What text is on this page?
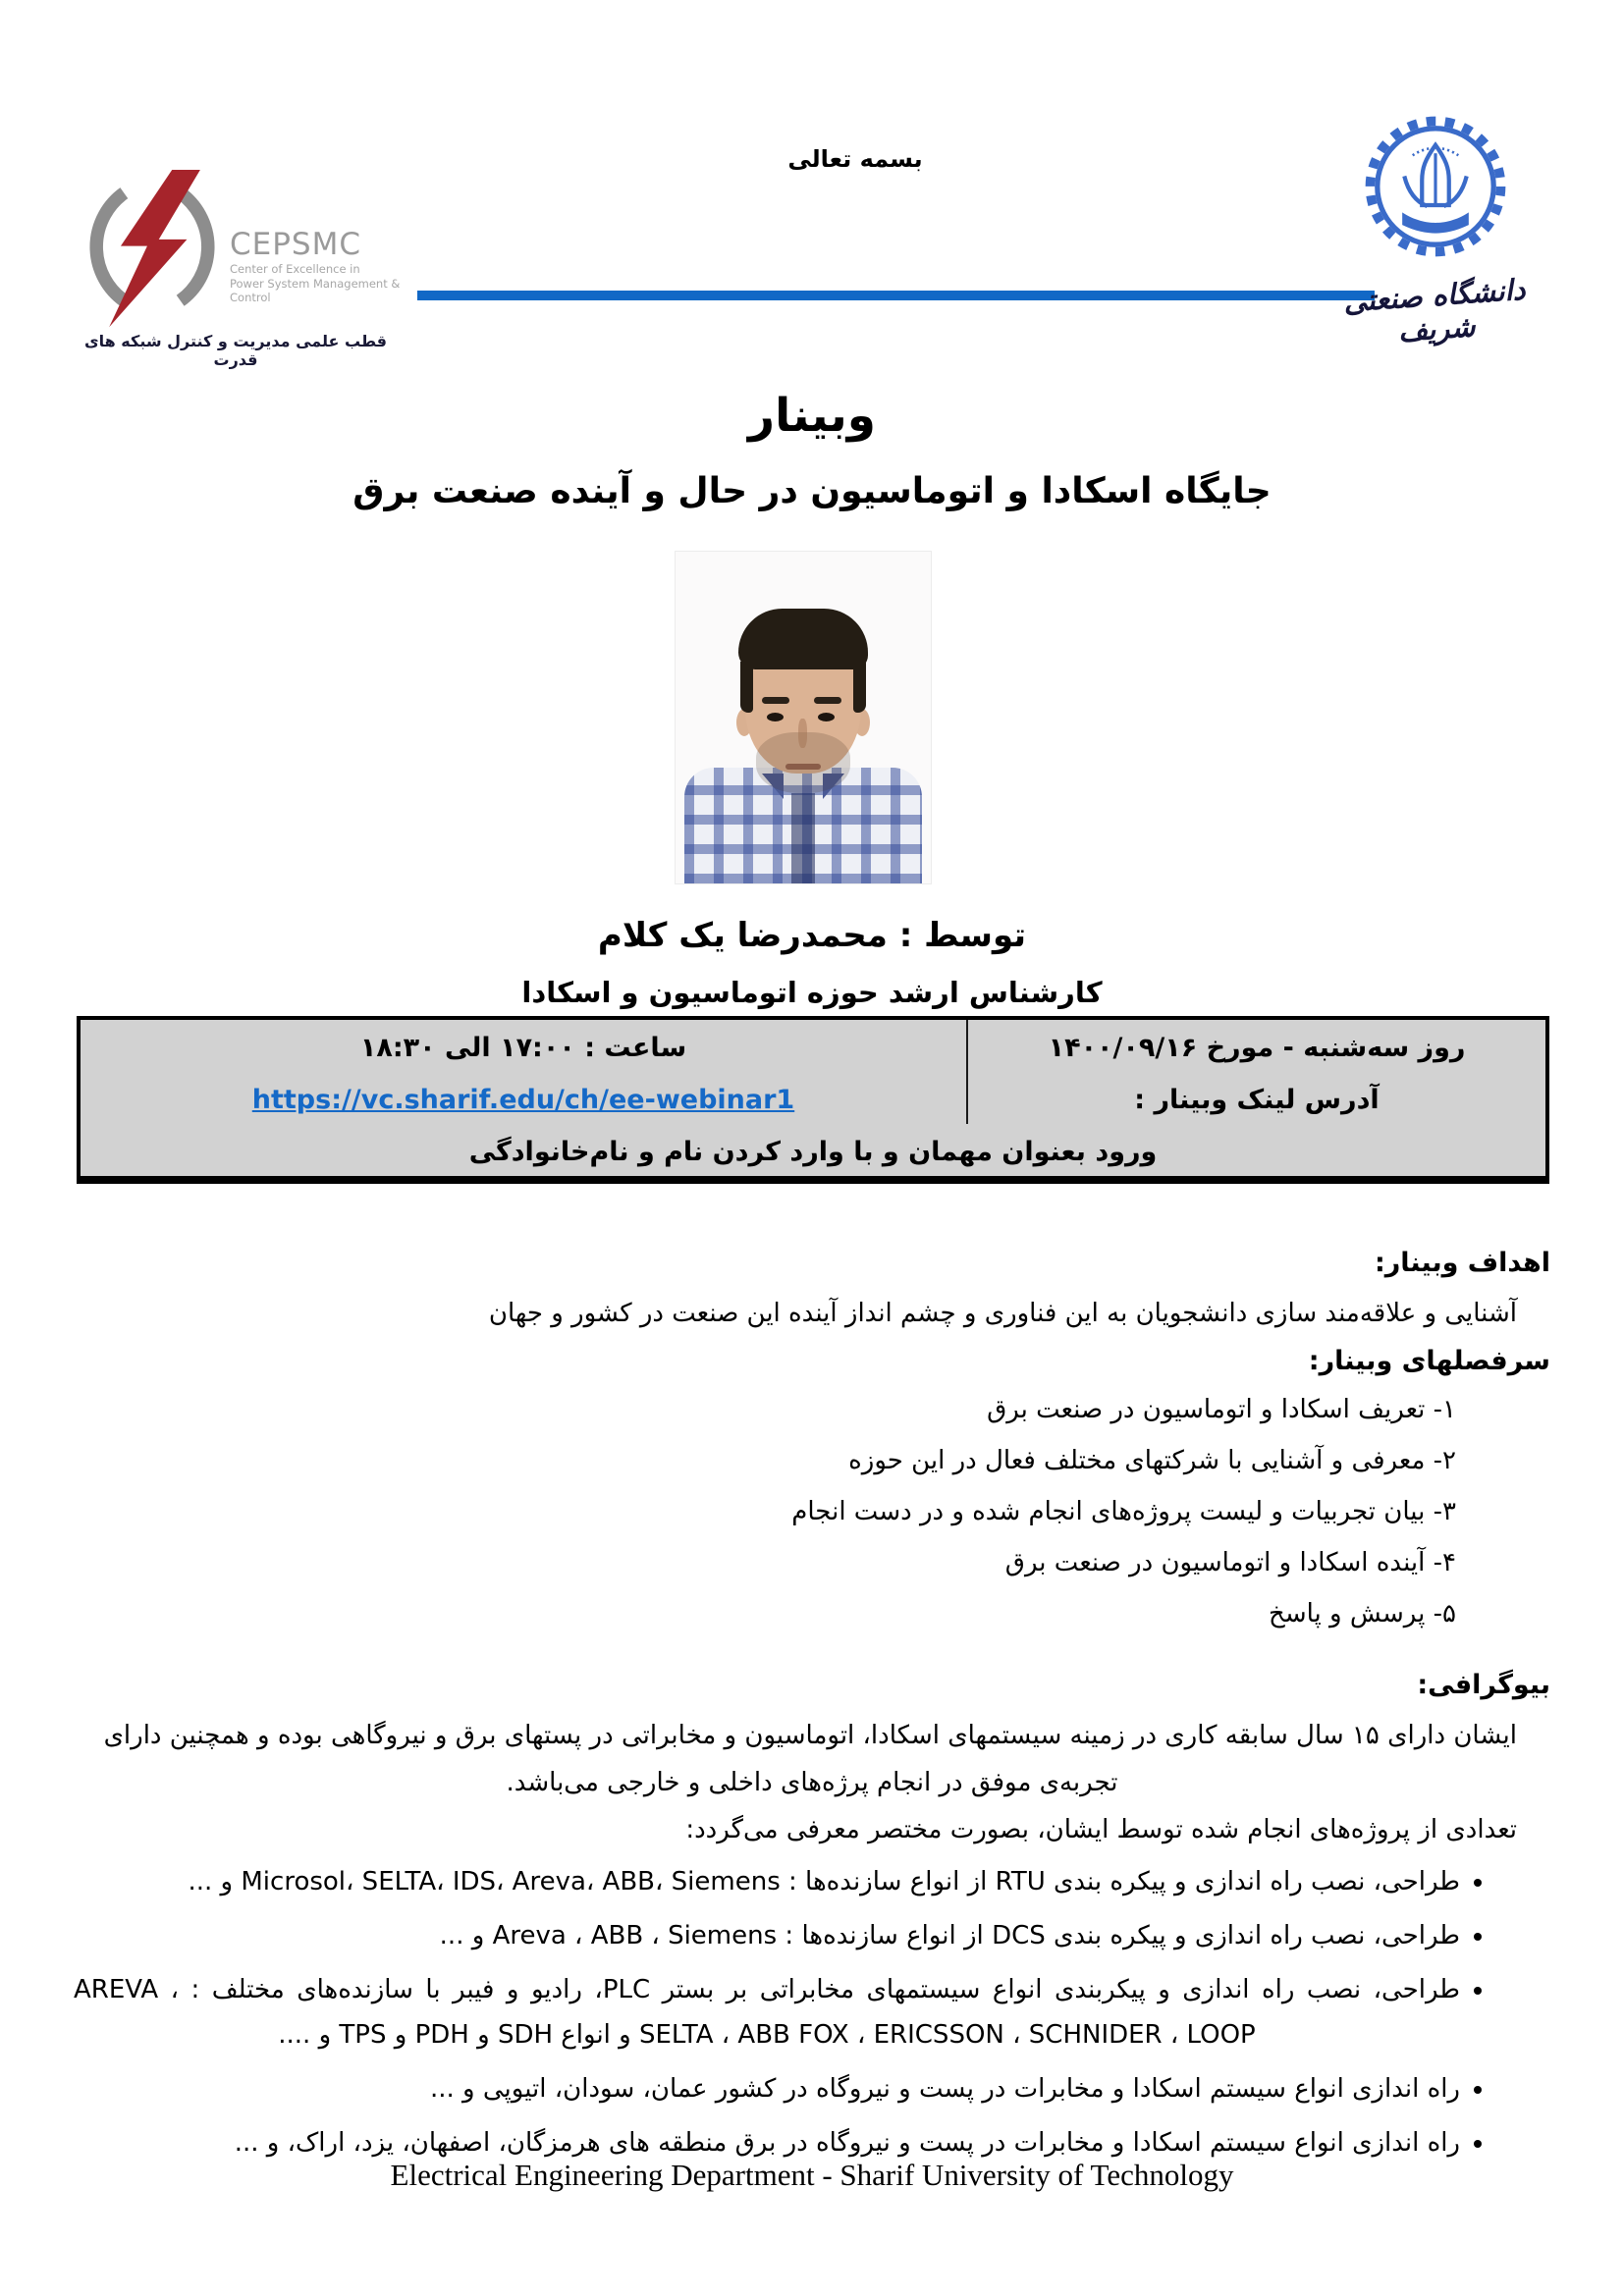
بسمه تعالی
CEPSMC
Center of Excellence in
Power System Management & Control
قطب علمی مدیریت و کنترل شبکه های قدرت
دانشگاه صنعتی شریف
وبینار
جایگاه اسکادا و اتوماسیون در حال و آینده صنعت برق
توسط : محمدرضا یک کلام
کارشناس ارشد حوزه اتوماسیون و اسکادا
روز سه‌شنبه - مورخ ۱۴۰۰/۰۹/۱۶
ساعت : ۱۷:۰۰ الی ۱۸:۳۰
آدرس لینک وبینار :
https://vc.sharif.edu/ch/ee-webinar1
ورود بعنوان مهمان و با وارد کردن نام و نام‌خانوادگی
اهداف وبینار:
آشنایی و علاقه‌مند سازی دانشجویان به این فناوری و چشم انداز آینده این صنعت در کشور و جهان
سرفصلهای وبینار:
۱- تعریف اسکادا و اتوماسیون در صنعت برق
۲- معرفی و آشنایی با شرکتهای مختلف فعال در این حوزه
۳- بیان تجربیات و لیست پروژه‌های انجام شده و در دست انجام
۴- آینده اسکادا و اتوماسیون در صنعت برق
۵- پرسش و پاسخ
بیوگرافی:
ایشان دارای ۱۵ سال سابقه کاری در زمینه سیستمهای اسکادا، اتوماسیون و مخابراتی در پستهای برق و نیروگاهی بوده و همچنین دارای
تجربه‌ی موفق در انجام پرژه‌های داخلی و خارجی می‌باشد.
تعدادی از پروژه‌های انجام شده توسط ایشان، بصورت مختصر معرفی می‌گردد:
• طراحی، نصب راه اندازی و پیکره بندی RTU از انواع سازنده‌ها : Microsol، SELTA، IDS، Areva، ABB، Siemens و ...
• طراحی، نصب راه اندازی و پیکره بندی DCS از انواع سازنده‌ها : Areva ، ABB ، Siemens و ...
• طراحی، نصب راه اندازی و پیکربندی انواع سیستمهای مخابراتی بر بستر PLC، رادیو و فیبر با سازنده‌های مختلف : AREVA ، SELTA ، ABB FOX ، ERICSSON ، SCHNIDER ، LOOP و انواع SDH و PDH و TPS و ....
• راه اندازی انواع سیستم اسکادا و مخابرات در پست و نیروگاه در کشور عمان، سودان، اتیوپی و ...
• راه اندازی انواع سیستم اسکادا و مخابرات در پست و نیروگاه در برق منطقه های هرمزگان، اصفهان، یزد، اراک، و ...
Electrical Engineering Department - Sharif University of Technology
